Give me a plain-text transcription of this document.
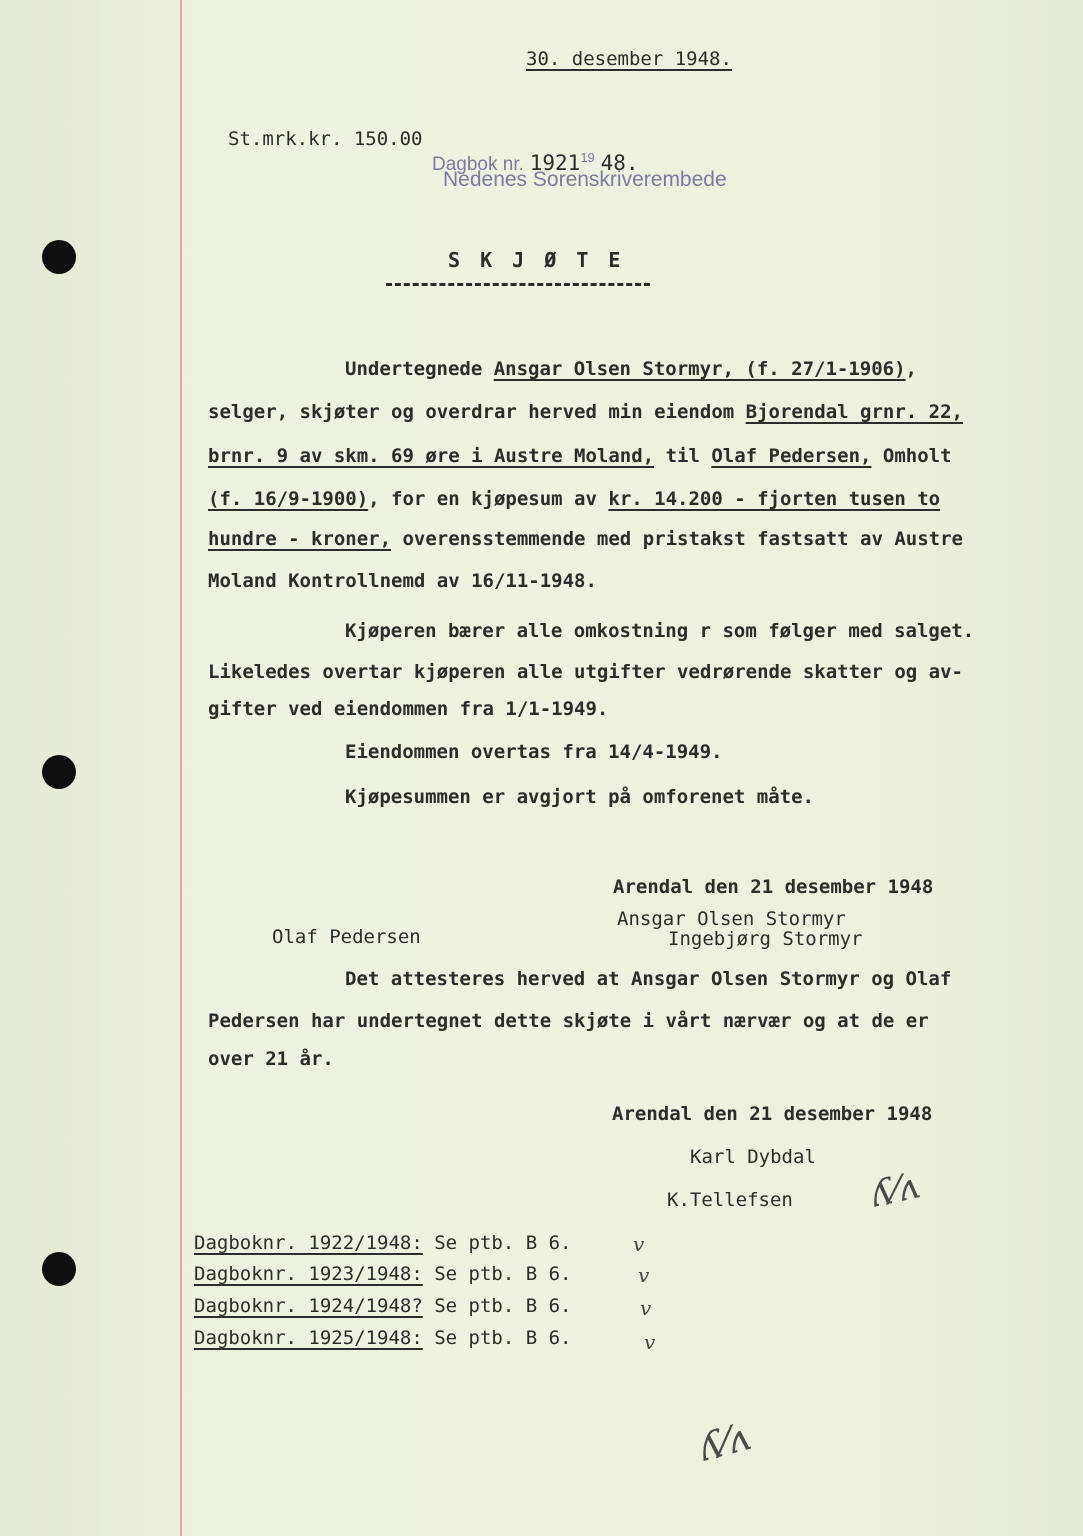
30. desember 1948.
St.mrk.kr. 150.00
Dagbok nr. 1921$^{19}$ 48.
Nedenes Sorenskriverembede
S K J Ø T E
Undertegnede Ansgar Olsen Stormyr, (f. 27/1-1906),
selger, skjøter og overdrar herved min eiendom Bjorendal grnr. 22,
brnr. 9 av skm. 69 øre i Austre Moland, til Olaf Pedersen, Omholt
(f. 16/9-1900), for en kjøpesum av kr. 14.200 - fjorten tusen to
hundre - kroner, overensstemmende med pristakst fastsatt av Austre
Moland Kontrollnemd av 16/11-1948.
Kjøperen bærer alle omkostning r som følger med salget.
Likeledes overtar kjøperen alle utgifter vedrørende skatter og av-
gifter ved eiendommen fra 1/1-1949.
Eiendommen overtas fra 14/4-1949.
Kjøpesummen er avgjort på omforenet måte.
Arendal den 21 desember 1948
Ansgar Olsen Stormyr
Olaf Pedersen	Ingebjørg Stormyr
Det attesteres herved at Ansgar Olsen Stormyr og Olaf
Pedersen har undertegnet dette skjøte i vårt nærvær og at de er
over 21 år.
Arendal den 21 desember 1948
Karl Dybdal
K.Tellefsen ʎ⁄ʌ
ʎ⁄ʌ
Dagboknr. 1922/1948: Se ptb. B 6.	v
Dagboknr. 1923/1948: Se ptb. B 6.	v
Dagboknr. 1924/1948? Se ptb. B 6.	v
Dagboknr. 1925/1948: Se ptb. B 6.	v
